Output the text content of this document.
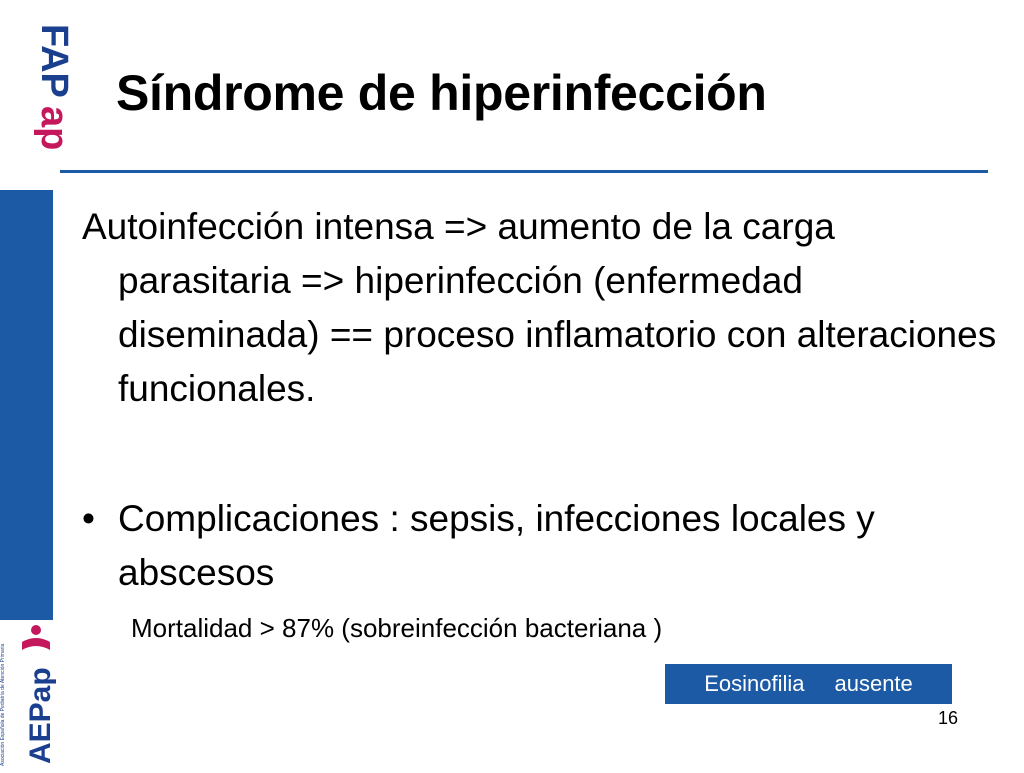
FAP
ap
Asociación Española de Pediatría de Atención Primaria AEPap
Síndrome de hiperinfección

Autoinfección intensa => aumento de la carga parasitaria => hiperinfección (enfermedad diseminada) == proceso inflamatorio con alteraciones funcionales.

• Complicaciones : sepsis, infecciones locales y abscesos

Mortalidad > 87% (sobreinfección bacteriana )

Eosinofilia ausente
16
